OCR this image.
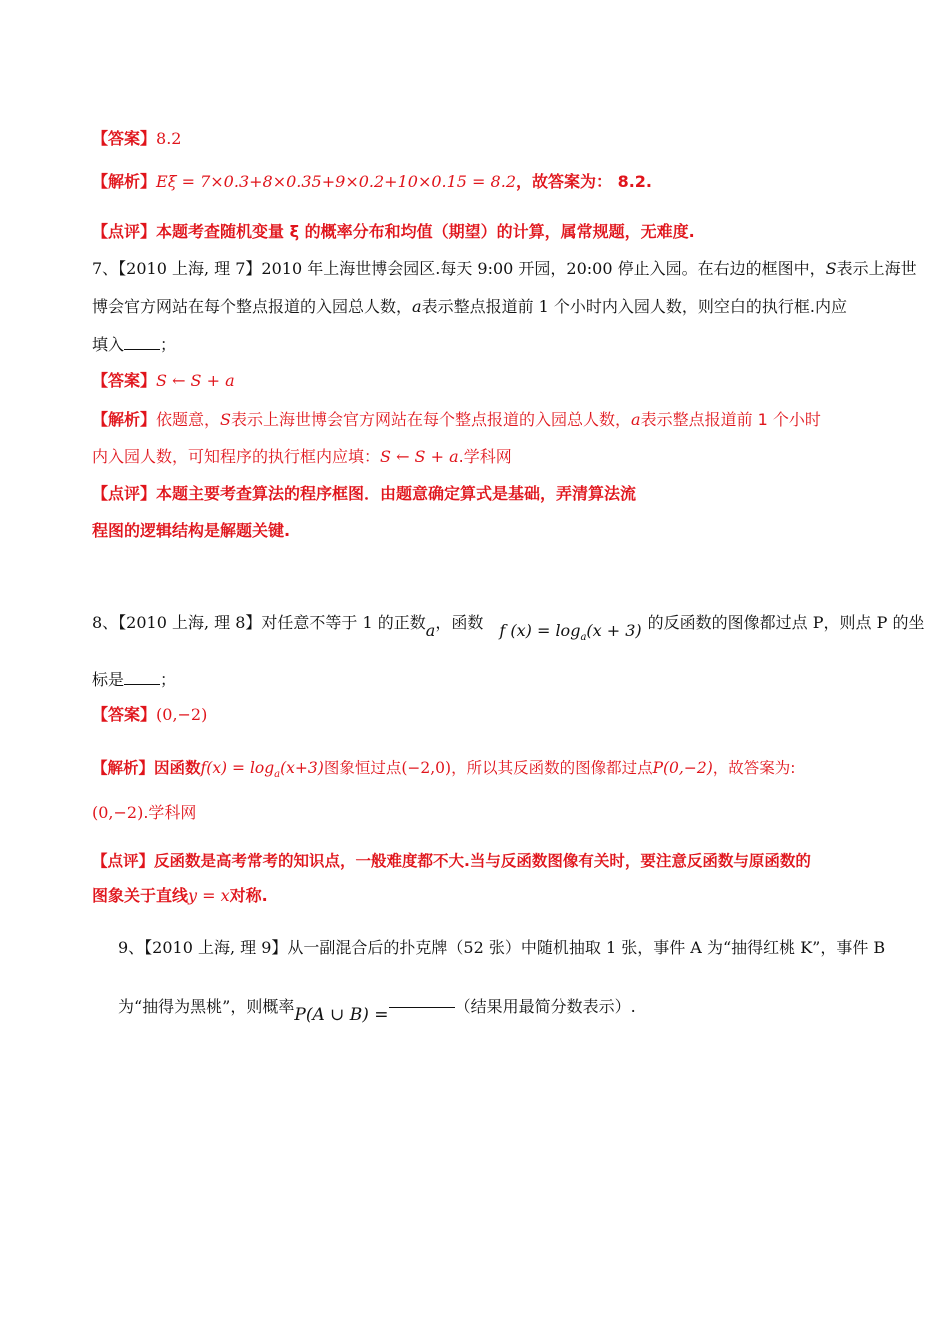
【答案】8.2
【解析】Eξ = 7×0.3+8×0.35+9×0.2+10×0.15 = 8.2，故答案为： 8.2.
【点评】本题考查随机变量 ξ 的概率分布和均值（期望）的计算，属常规题，无难度.
7、【2010 上海, 理 7】2010 年上海世博会园区.每天 9:00 开园，20:00 停止入园。在右边的框图中，S表示上海世
博会官方网站在每个整点报道的入园总人数，a表示整点报道前 1 个小时内入园人数，则空白的执行框.内应
填入 ；
【答案】S ← S + a
【解析】依题意，S表示上海世博会官方网站在每个整点报道的入园总人数，a表示整点报道前 1 个小时
内入园人数，可知程序的执行框内应填：S ← S + a.学科网
【点评】本题主要考查算法的程序框图．由题意确定算式是基础，弄清算法流
程图的逻辑结构是解题关键.
8、【2010 上海, 理 8】对任意不等于 1 的正数a，函数 f $(x) = \log_a(x + 3)$ 的反函数的图像都过点 P，则点 P 的坐
标是 ；
【答案】(0,−2)
【解析】因函数$f(x) = \log_a(x+3)$图象恒过点(−2,0)，所以其反函数的图像都过点P(0,−2)，故答案为:
(0,−2).学科网
【点评】反函数是高考常考的知识点，一般难度都不大.当与反函数图像有关时，要注意反函数与原函数的
图象关于直线y = x对称.
9、【2010 上海, 理 9】从一副混合后的扑克牌（52 张）中随机抽取 1 张，事件 A 为“抽得红桃 K”，事件 B
为“抽得为黑桃”，则概率P(A ∪ B) =	（结果用最简分数表示）.
